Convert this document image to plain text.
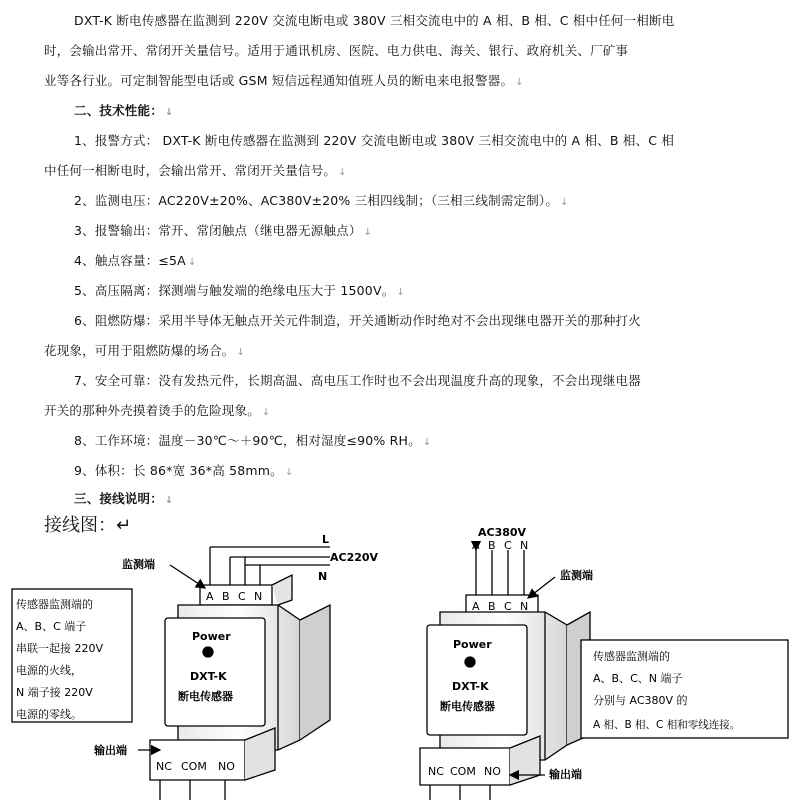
DXT-K 断电传感器在监测到 220V 交流电断电或 380V 三相交流电中的 A 相、B 相、C 相中任何一相断电
时，会输出常开、常闭开关量信号。适用于通讯机房、医院、电力供电、海关、银行、政府机关、厂矿事
业等各行业。可定制智能型电话或 GSM 短信远程通知值班人员的断电来电报警器。 ↓
二、技术性能： ↓
1、报警方式： DXT-K 断电传感器在监测到 220V 交流电断电或 380V 三相交流电中的 A 相、B 相、C 相
中任何一相断电时，会输出常开、常闭开关量信号。 ↓
2、监测电压：AC220V±20%、AC380V±20% 三相四线制；（三相三线制需定制）。 ↓
3、报警输出：常开、常闭触点（继电器无源触点） ↓
4、触点容量：≤5A ↓
5、高压隔离：探测端与触发端的绝缘电压大于 1500V。 ↓
6、阻燃防爆：采用半导体无触点开关元件制造，开关通断动作时绝对不会出现继电器开关的那种打火
花现象，可用于阻燃防爆的场合。 ↓
7、安全可靠：没有发热元件，长期高温、高电压工作时也不会出现温度升高的现象，不会出现继电器
开关的那种外壳摸着烫手的危险现象。 ↓
8、工作环境：温度－30℃～＋90℃，相对湿度≤90% RH。 ↓
9、体积：长 86*宽 36*高 58mm。 ↓
三、接线说明： ↓
接线图：↵
L
AC220V
N
监测端
A B C N
Power
DXT-K
断电传感器
输出端
NC COM NO
传感器监测端的
A、B、C 端子
串联一起接 220V
电源的火线，
N 端子接 220V
电源的零线。
AC380V
A B C N
监测端
A B C N
Power
DXT-K
断电传感器
输出端
NC COM NO
传感器监测端的
A、B、C、N 端子
分别与 AC380V 的
A 相、B 相、C 相和零线连接。
